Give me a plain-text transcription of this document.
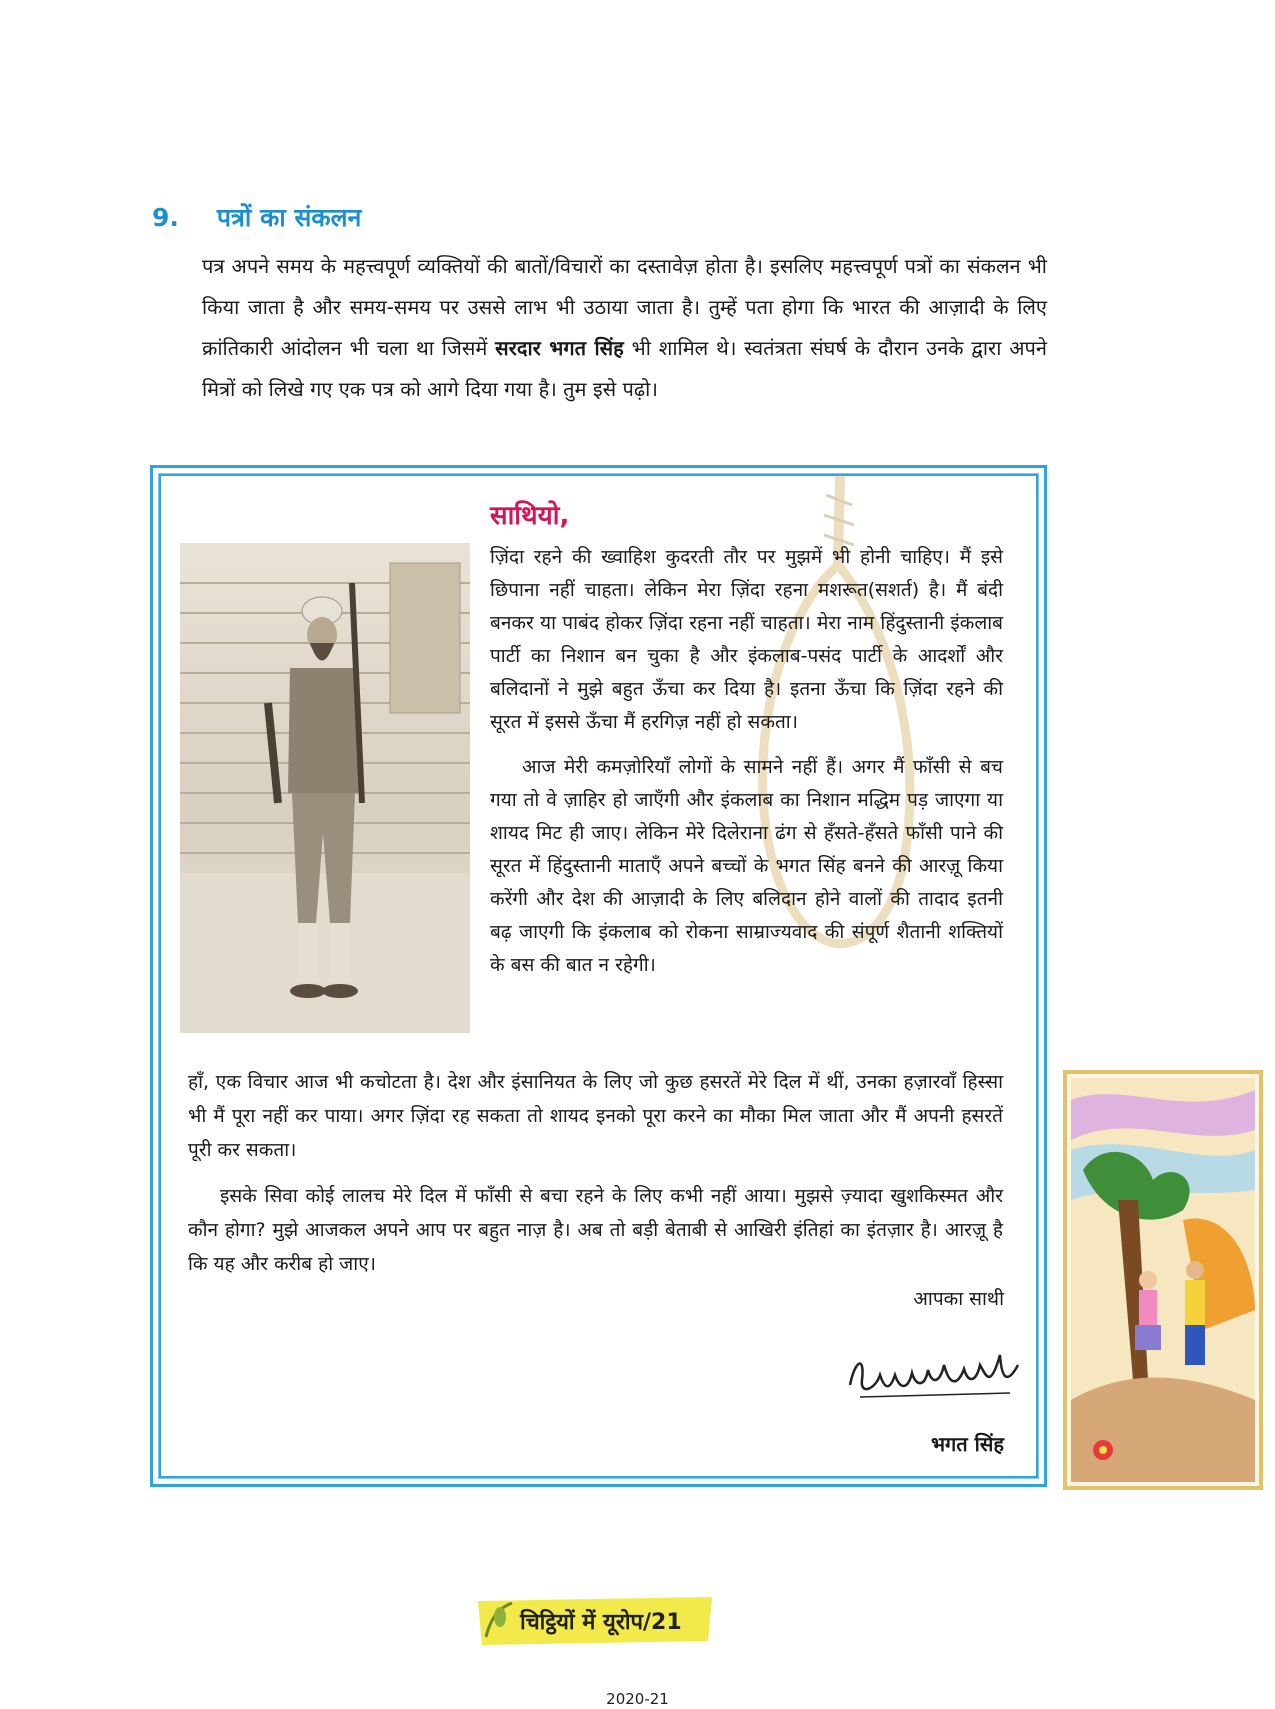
9. पत्रों का संकलन

पत्र अपने समय के महत्त्वपूर्ण व्यक्तियों की बातों/विचारों का दस्तावेज़ होता है। इसलिए महत्त्वपूर्ण पत्रों का संकलन भी किया जाता है और समय-समय पर उससे लाभ भी उठाया जाता है। तुम्हें पता होगा कि भारत की आज़ादी के लिए क्रांतिकारी आंदोलन भी चला था जिसमें सरदार भगत सिंह भी शामिल थे। स्वतंत्रता संघर्ष के दौरान उनके द्वारा अपने मित्रों को लिखे गए एक पत्र को आगे दिया गया है। तुम इसे पढ़ो।

साथियो,

ज़िंदा रहने की ख्वाहिश कुदरती तौर पर मुझमें भी होनी चाहिए। मैं इसे छिपाना नहीं चाहता। लेकिन मेरा ज़िंदा रहना मशरूत(सशर्त) है। मैं बंदी बनकर या पाबंद होकर ज़िंदा रहना नहीं चाहता। मेरा नाम हिंदुस्तानी इंकलाब पार्टी का निशान बन चुका है और इंकलाब-पसंद पार्टी के आदर्शों और बलिदानों ने मुझे बहुत ऊँचा कर दिया है। इतना ऊँचा कि ज़िंदा रहने की सूरत में इससे ऊँचा मैं हरगिज़ नहीं हो सकता।

आज मेरी कमज़ोरियाँ लोगों के सामने नहीं हैं। अगर मैं फाँसी से बच गया तो वे ज़ाहिर हो जाएँगी और इंकलाब का निशान मद्धिम पड़ जाएगा या शायद मिट ही जाए। लेकिन मेरे दिलेराना ढंग से हँसते-हँसते फाँसी पाने की सूरत में हिंदुस्तानी माताएँ अपने बच्चों के भगत सिंह बनने की आरज़ू किया करेंगी और देश की आज़ादी के लिए बलिदान होने वालों की तादाद इतनी बढ़ जाएगी कि इंकलाब को रोकना साम्राज्यवाद की संपूर्ण शैतानी शक्तियों के बस की बात न रहेगी।

हाँ, एक विचार आज भी कचोटता है। देश और इंसानियत के लिए जो कुछ हसरतें मेरे दिल में थीं, उनका हज़ारवाँ हिस्सा भी मैं पूरा नहीं कर पाया। अगर ज़िंदा रह सकता तो शायद इनको पूरा करने का मौका मिल जाता और मैं अपनी हसरतें पूरी कर सकता।

इसके सिवा कोई लालच मेरे दिल में फाँसी से बचा रहने के लिए कभी नहीं आया। मुझसे ज़्यादा खुशकिस्मत और कौन होगा? मुझे आजकल अपने आप पर बहुत नाज़ है। अब तो बड़ी बेताबी से आखिरी इंतिहां का इंतज़ार है। आरज़ू है कि यह और करीब हो जाए।

आपका साथी
भगत सिंह
चिट्ठियों में यूरोप/21
2020-21
